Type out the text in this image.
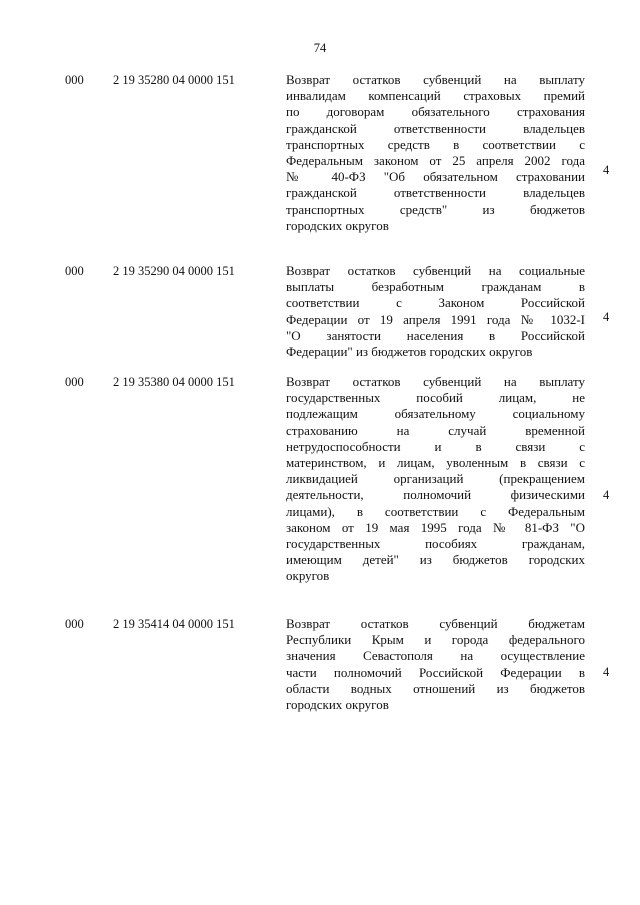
74
000 2 19 35280 04 0000 151	Возврат остатков субвенций на выплату
инвалидам компенсаций страховых премий
по договорам обязательного страхования
гражданской ответственности владельцев
транспортных средств в соответствии с
Федеральным законом от 25 апреля 2002 года
№ 40-ФЗ "Об обязательном страховании
гражданской ответственности владельцев
транспортных средств" из бюджетов
городских округов
4
000 2 19 35290 04 0000 151	Возврат остатков субвенций на социальные
выплаты безработным гражданам в
соответствии с Законом Российской
Федерации от 19 апреля 1991 года № 1032-I
"О занятости населения в Российской
Федерации" из бюджетов городских округов
4
000 2 19 35380 04 0000 151	Возврат остатков субвенций на выплату
государственных пособий лицам, не
подлежащим обязательному социальному
страхованию на случай временной
нетрудоспособности и в связи с
материнством, и лицам, уволенным в связи с
ликвидацией организаций (прекращением
деятельности, полномочий физическими
лицами), в соответствии с Федеральным
законом от 19 мая 1995 года № 81-ФЗ "О
государственных пособиях гражданам,
имеющим детей" из бюджетов городских
округов
4
000 2 19 35414 04 0000 151	Возврат остатков субвенций бюджетам
Республики Крым и города федерального
значения Севастополя на осуществление
части полномочий Российской Федерации в
области водных отношений из бюджетов
городских округов
4
